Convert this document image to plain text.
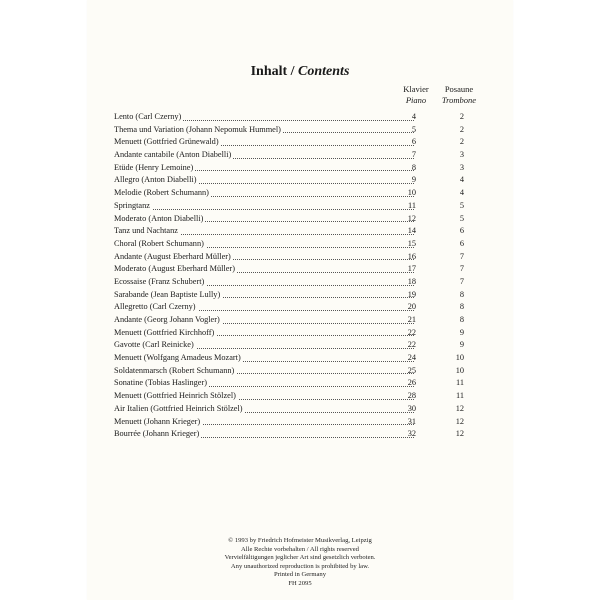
Inhalt / Contents
Klavier
Piano
Posaune
Trombone
Lento (Carl Czerny)	4	2
Thema und Variation (Johann Nepomuk Hummel)	5	2
Menuett (Gottfried Grünewald)	6	2
Andante cantabile (Anton Diabelli)	7	3
Etüde (Henry Lemoine)	8	3
Allegro (Anton Diabelli)	9	4
Melodie (Robert Schumann)	10	4
Springtanz	11	5
Moderato (Anton Diabelli)	12	5
Tanz und Nachtanz	14	6
Choral (Robert Schumann)	15	6
Andante (August Eberhard Müller)	16	7
Moderato (August Eberhard Müller)	17	7
Ecossaise (Franz Schubert)	18	7
Sarabande (Jean Baptiste Lully)	19	8
Allegretto (Carl Czerny)	20	8
Andante (Georg Johann Vogler)	21	8
Menuett (Gottfried Kirchhoff)	22	9
Gavotte (Carl Reinicke)	22	9
Menuett (Wolfgang Amadeus Mozart)	24	10
Soldatenmarsch (Robert Schumann)	25	10
Sonatine (Tobias Haslinger)	26	11
Menuett (Gottfried Heinrich Stölzel)	28	11
Air Italien (Gottfried Heinrich Stölzel)	30	12
Menuett (Johann Krieger)	31	12
Bourrée (Johann Krieger)	32	12
© 1993 by Friedrich Hofmeister Musikverlag, Leipzig
Alle Rechte vorbehalten / All rights reserved
Vervielfältigungen jeglicher Art sind gesetzlich verboten.
Any unauthorized reproduction is prohibited by law.
Printed in Germany
FH 2095
